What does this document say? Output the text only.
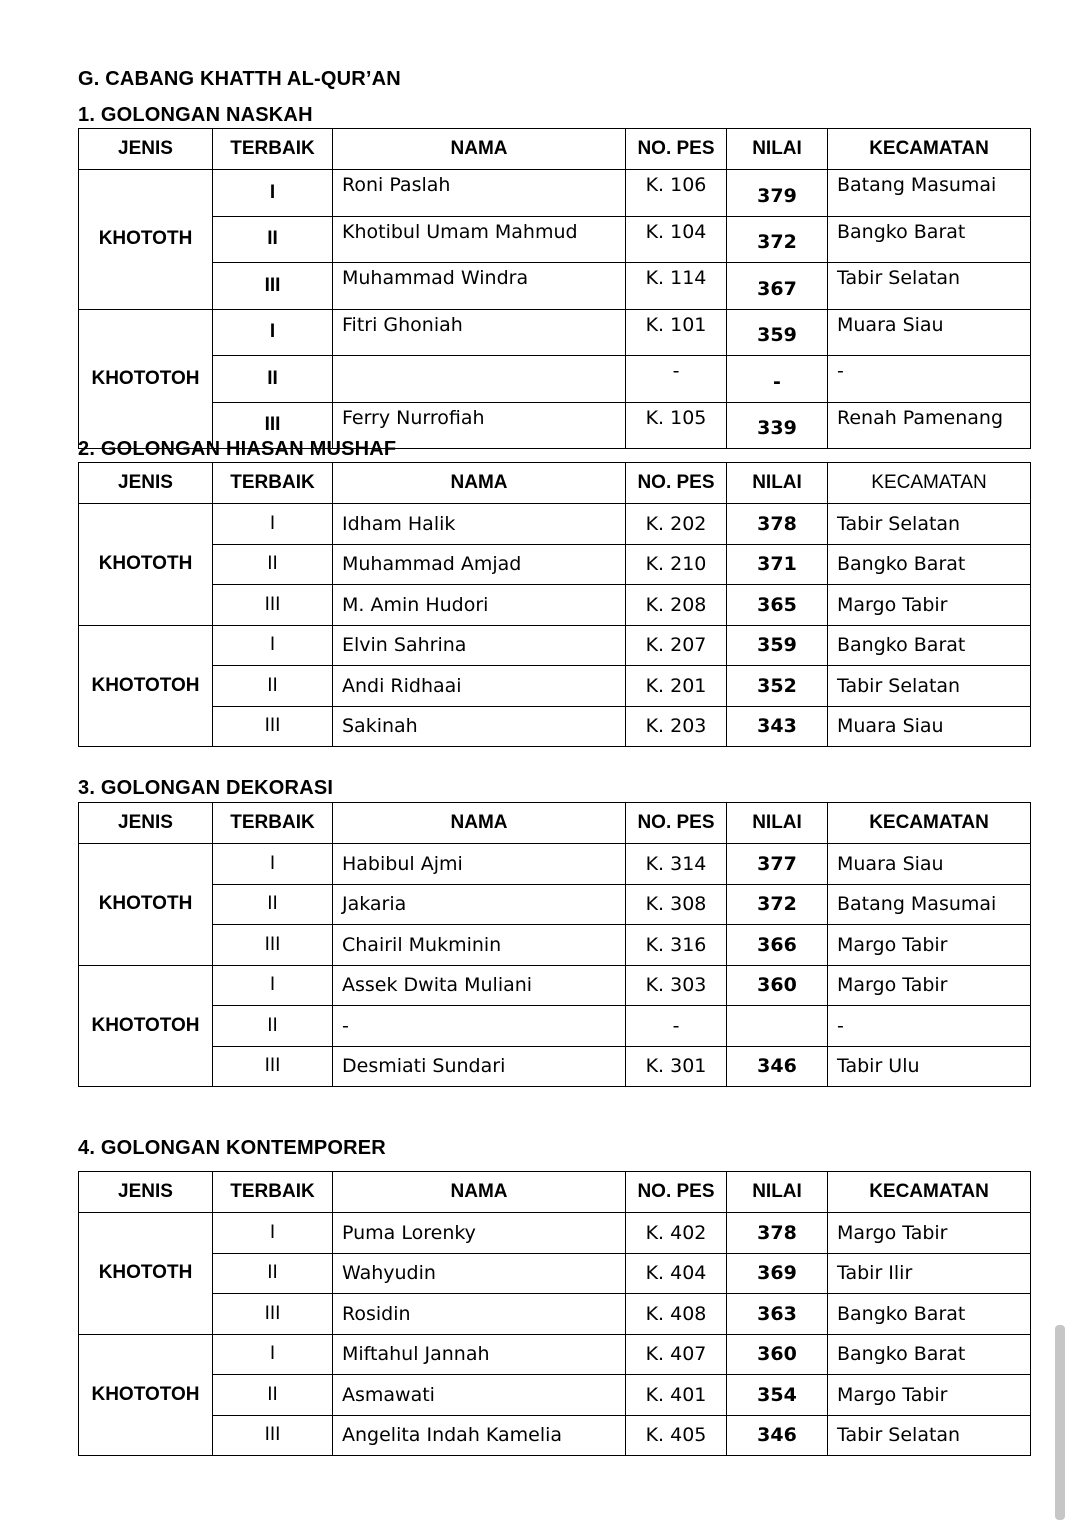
G. CABANG KHATTH AL-QUR’AN
1. GOLONGAN NASKAH
JENIS	TERBAIK	NAMA	NO. PES	NILAI	KECAMATAN
KHOTOTH	I	Roni Paslah	K. 106	379	Batang Masumai
	II	Khotibul Umam Mahmud	K. 104	372	Bangko Barat
	III	Muhammad Windra	K. 114	367	Tabir Selatan
KHOTOTOH	I	Fitri Ghoniah	K. 101	359	Muara Siau
	II		-	-	-
	III	Ferry Nurrofiah	K. 105	339	Renah Pamenang
2. GOLONGAN HIASAN MUSHAF
JENIS	TERBAIK	NAMA	NO. PES	NILAI	KECAMATAN
KHOTOTH	I	Idham Halik	K. 202	378	Tabir Selatan
	II	Muhammad Amjad	K. 210	371	Bangko Barat
	III	M. Amin Hudori	K. 208	365	Margo Tabir
KHOTOTOH	I	Elvin Sahrina	K. 207	359	Bangko Barat
	II	Andi Ridhaai	K. 201	352	Tabir Selatan
	III	Sakinah	K. 203	343	Muara Siau
3. GOLONGAN DEKORASI
JENIS	TERBAIK	NAMA	NO. PES	NILAI	KECAMATAN
KHOTOTH	I	Habibul Ajmi	K. 314	377	Muara Siau
	II	Jakaria	K. 308	372	Batang Masumai
	III	Chairil Mukminin	K. 316	366	Margo Tabir
KHOTOTOH	I	Assek Dwita Muliani	K. 303	360	Margo Tabir
	II	-	-		-
	III	Desmiati Sundari	K. 301	346	Tabir Ulu
4. GOLONGAN KONTEMPORER
JENIS	TERBAIK	NAMA	NO. PES	NILAI	KECAMATAN
KHOTOTH	I	Puma Lorenky	K. 402	378	Margo Tabir
	II	Wahyudin	K. 404	369	Tabir Ilir
	III	Rosidin	K. 408	363	Bangko Barat
KHOTOTOH	I	Miftahul Jannah	K. 407	360	Bangko Barat
	II	Asmawati	K. 401	354	Margo Tabir
	III	Angelita Indah Kamelia	K. 405	346	Tabir Selatan
